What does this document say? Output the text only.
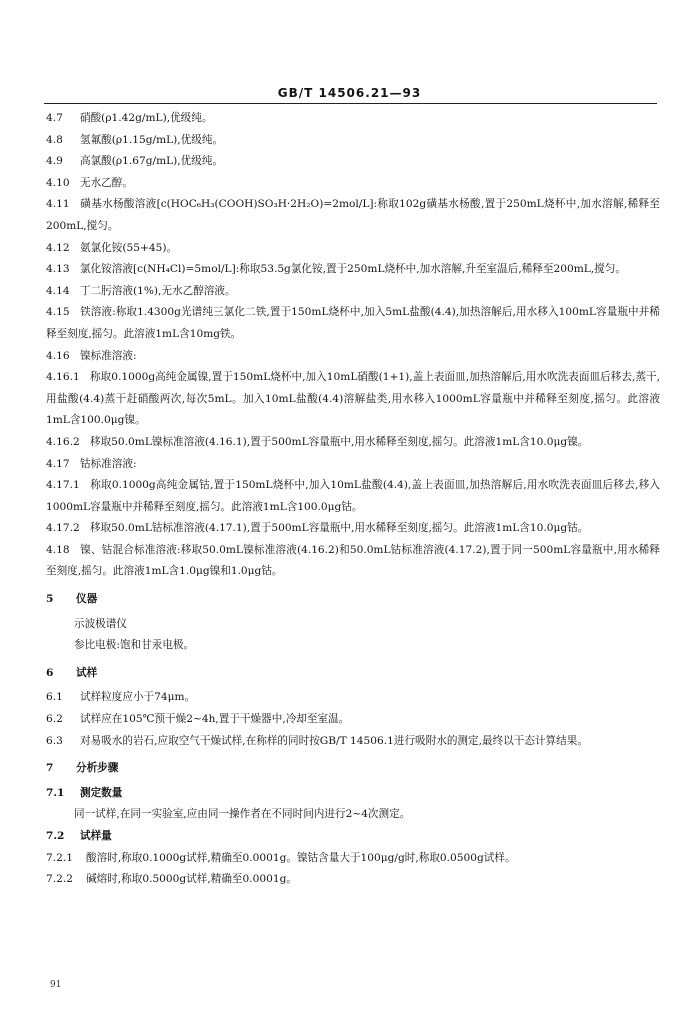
GB/T 14506.21—93

4.7 硝酸(ρ1.42g/mL),优级纯。

4.8 氢氟酸(ρ1.15g/mL),优级纯。

4.9 高氯酸(ρ1.67g/mL),优级纯。

4.10 无水乙醇。

4.11 磺基水杨酸溶液[c(HOC₆H₃(COOH)SO₃H·2H₂O)=2mol/L]:称取102g磺基水杨酸,置于250mL烧杯中,加水溶解,稀释至200mL,搅匀。

4.12 氨氯化铵(55+45)。

4.13 氯化铵溶液[c(NH₄Cl)=5mol/L]:称取53.5g氯化铵,置于250mL烧杯中,加水溶解,升至室温后,稀释至200mL,搅匀。

4.14 丁二肟溶液(1%),无水乙醇溶液。

4.15 铁溶液:称取1.4300g光谱纯三氯化二铁,置于150mL烧杯中,加入5mL盐酸(4.4),加热溶解后,用水移入100mL容量瓶中并稀释至刻度,摇匀。此溶液1mL含10mg铁。

4.16 镍标准溶液:

4.16.1 称取0.1000g高纯金属镍,置于150mL烧杯中,加入10mL硝酸(1+1),盖上表面皿,加热溶解后,用水吹洗表面皿后移去,蒸干,用盐酸(4.4)蒸干赶硝酸两次,每次5mL。加入10mL盐酸(4.4)溶解盐类,用水移入1000mL容量瓶中并稀释至刻度,摇匀。此溶液1mL含100.0μg镍。

4.16.2 移取50.0mL镍标准溶液(4.16.1),置于500mL容量瓶中,用水稀释至刻度,摇匀。此溶液1mL含10.0μg镍。

4.17 钴标准溶液:

4.17.1 称取0.1000g高纯金属钴,置于150mL烧杯中,加入10mL盐酸(4.4),盖上表面皿,加热溶解后,用水吹洗表面皿后移去,移入1000mL容量瓶中并稀释至刻度,摇匀。此溶液1mL含100.0μg钴。

4.17.2 移取50.0mL钴标准溶液(4.17.1),置于500mL容量瓶中,用水稀释至刻度,摇匀。此溶液1mL含10.0μg钴。

4.18 镍、钴混合标准溶液:移取50.0mL镍标准溶液(4.16.2)和50.0mL钴标准溶液(4.17.2),置于同一500mL容量瓶中,用水稀释至刻度,摇匀。此溶液1mL含1.0μg镍和1.0μg钴。

5 仪器

示波极谱仪

参比电极:饱和甘汞电极。

6 试样

6.1 试样粒度应小于74μm。

6.2 试样应在105℃预干燥2~4h,置于干燥器中,冷却至室温。

6.3 对易吸水的岩石,应取空气干燥试样,在称样的同时按GB/T 14506.1进行吸附水的测定,最终以干态计算结果。

7 分析步骤

7.1 测定数量

同一试样,在同一实验室,应由同一操作者在不同时间内进行2~4次测定。

7.2 试样量

7.2.1 酸溶时,称取0.1000g试样,精确至0.0001g。镍钴含量大于100μg/g时,称取0.0500g试样。

7.2.2 碱熔时,称取0.5000g试样,精确至0.0001g。

91
